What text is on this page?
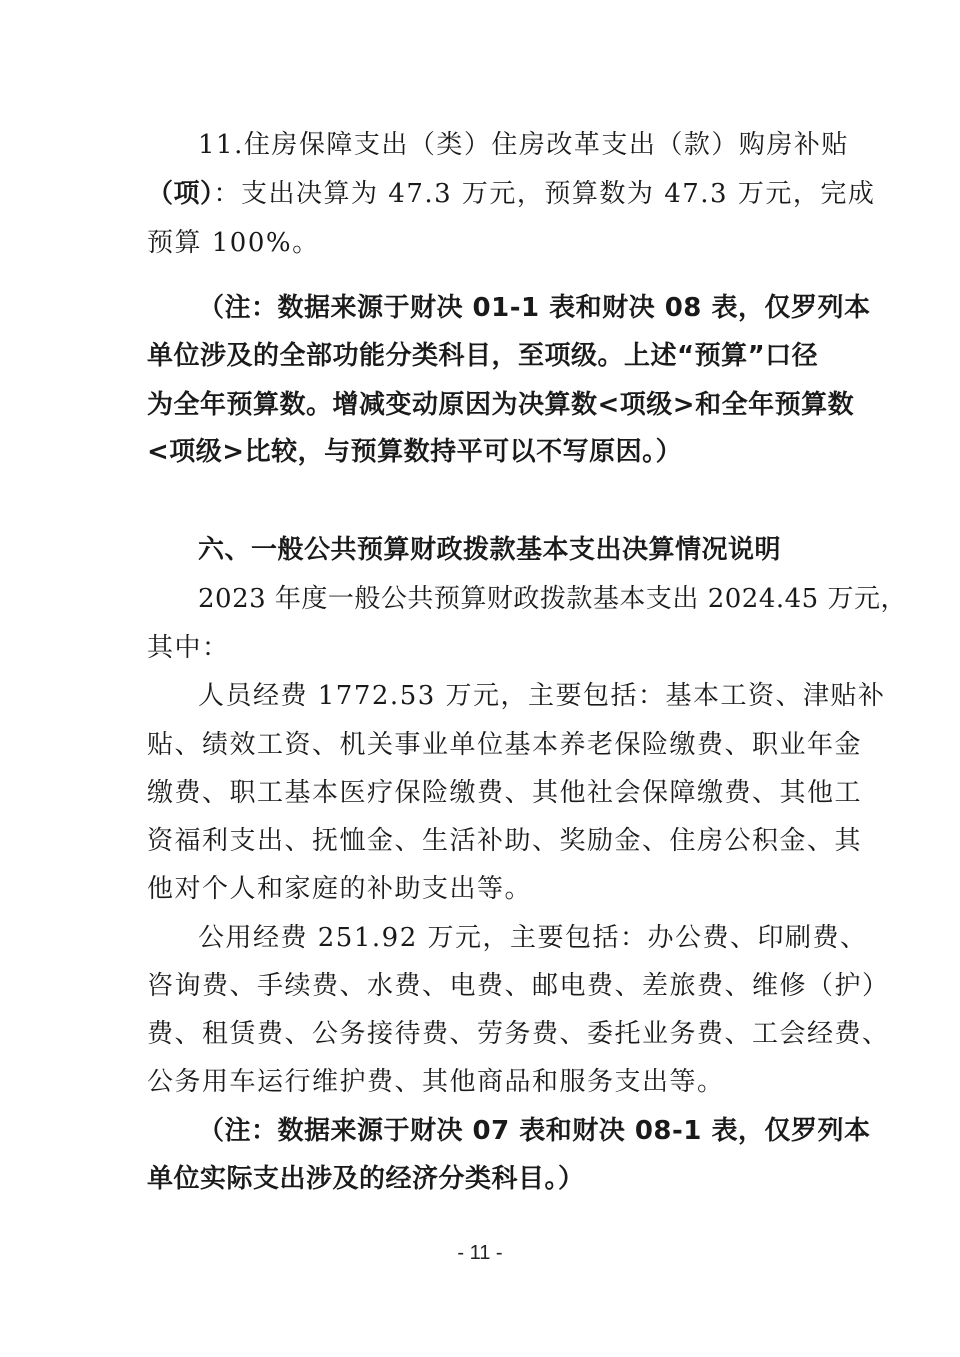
11.住房保障支出（类）住房改革支出（款）购房补贴
（项）：支出决算为 47.3 万元，预算数为 47.3 万元，完成
预算 100%。
（注：数据来源于财决 01-1 表和财决 08 表，仅罗列本
单位涉及的全部功能分类科目，至项级。上述“预算”口径
为全年预算数。增减变动原因为决算数<项级>和全年预算数
<项级>比较，与预算数持平可以不写原因。）
六、一般公共预算财政拨款基本支出决算情况说明
2023 年度一般公共预算财政拨款基本支出 2024.45 万元，
其中：
人员经费 1772.53 万元，主要包括：基本工资、津贴补
贴、绩效工资、机关事业单位基本养老保险缴费、职业年金
缴费、职工基本医疗保险缴费、其他社会保障缴费、其他工
资福利支出、抚恤金、生活补助、奖励金、住房公积金、其
他对个人和家庭的补助支出等。
公用经费 251.92 万元，主要包括：办公费、印刷费、
咨询费、手续费、水费、电费、邮电费、差旅费、维修（护）
费、租赁费、公务接待费、劳务费、委托业务费、工会经费、
公务用车运行维护费、其他商品和服务支出等。
（注：数据来源于财决 07 表和财决 08-1 表，仅罗列本
单位实际支出涉及的经济分类科目。）
- 11 -
